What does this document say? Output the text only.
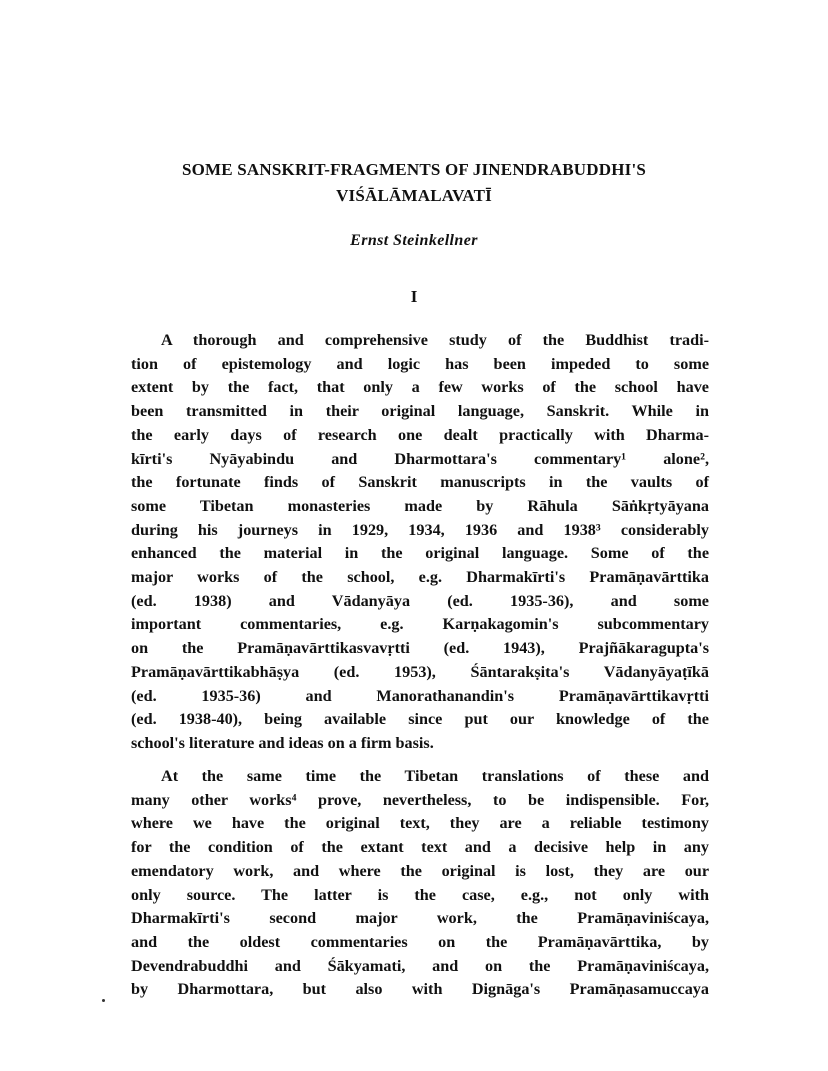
SOME SANSKRIT-FRAGMENTS OF JINENDRABUDDHI'S
VIŚĀLĀMALAVATĪ
Ernst Steinkellner
I
A thorough and comprehensive study of the Buddhist tradi-
tion of epistemology and logic has been impeded to some
extent by the fact, that only a few works of the school have
been transmitted in their original language, Sanskrit. While in
the early days of research one dealt practically with Dharma-
kīrti's Nyāyabindu and Dharmottara's commentary¹ alone²,
the fortunate finds of Sanskrit manuscripts in the vaults of
some Tibetan monasteries made by Rāhula Sāṅkṛtyāyana
during his journeys in 1929, 1934, 1936 and 1938³ considerably
enhanced the material in the original language. Some of the
major works of the school, e.g. Dharmakīrti's Pramāṇavārttika
(ed. 1938) and Vādanyāya (ed. 1935-36), and some
important commentaries, e.g. Karṇakagomin's subcommentary
on the Pramāṇavārttikasvavṛtti (ed. 1943), Prajñākaragupta's
Pramāṇavārttikabhāṣya (ed. 1953), Śāntarakṣita's Vādanyāyaṭīkā
(ed. 1935-36) and Manorathanandin's Pramāṇavārttikavṛtti
(ed. 1938-40), being available since put our knowledge of the
school's literature and ideas on a firm basis.
At the same time the Tibetan translations of these and
many other works⁴ prove, nevertheless, to be indispensible. For,
where we have the original text, they are a reliable testimony
for the condition of the extant text and a decisive help in any
emendatory work, and where the original is lost, they are our
only source. The latter is the case, e.g., not only with
Dharmakīrti's second major work, the Pramāṇaviniścaya,
and the oldest commentaries on the Pramāṇavārttika, by
Devendrabuddhi and Śākyamati, and on the Pramāṇaviniścaya,
by Dharmottara, but also with Dignāga's Pramāṇasamuccaya
